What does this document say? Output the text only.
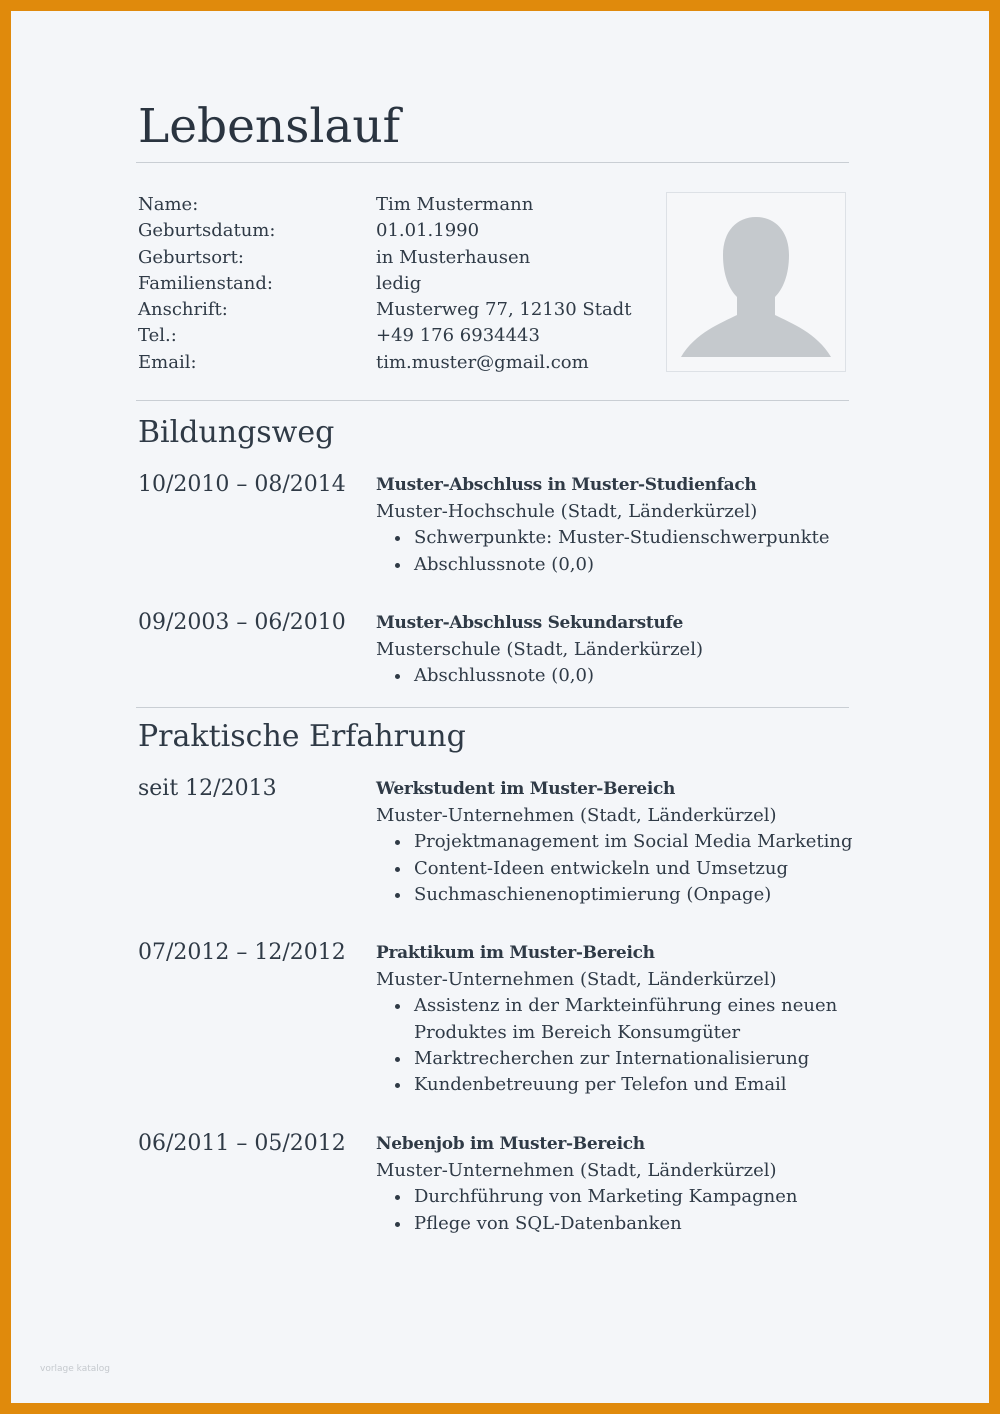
Lebenslauf
Name:	Tim Mustermann
Geburtsdatum:	01.01.1990
Geburtsort:	in Musterhausen
Familienstand:	ledig
Anschrift:	Musterweg 77, 12130 Stadt
Tel.:	+49 176 6934443
Email:	tim.muster@gmail.com
Bildungsweg
10/2010 – 08/2014 Muster-Abschluss in Muster-Studienfach
Muster-Hochschule (Stadt, Länderkürzel)
Schwerpunkte: Muster-Studienschwerpunkte
Abschlussnote (0,0)
09/2003 – 06/2010 Muster-Abschluss Sekundarstufe
Musterschule (Stadt, Länderkürzel)
Abschlussnote (0,0)
Praktische Erfahrung
seit 12/2013	Werkstudent im Muster-Bereich
Muster-Unternehmen (Stadt, Länderkürzel)
Projektmanagement im Social Media Marketing
Content-Ideen entwickeln und Umsetzug
Suchmaschienenoptimierung (Onpage)
07/2012 – 12/2012 Praktikum im Muster-Bereich
Muster-Unternehmen (Stadt, Länderkürzel)
Assistenz in der Markteinführung eines neuen Produktes im Bereich Konsumgüter
Marktrecherchen zur Internationalisierung
Kundenbetreuung per Telefon und Email
06/2011 – 05/2012 Nebenjob im Muster-Bereich
Muster-Unternehmen (Stadt, Länderkürzel)
Durchführung von Marketing Kampagnen
Pflege von SQL-Datenbanken
vorlage katalog
